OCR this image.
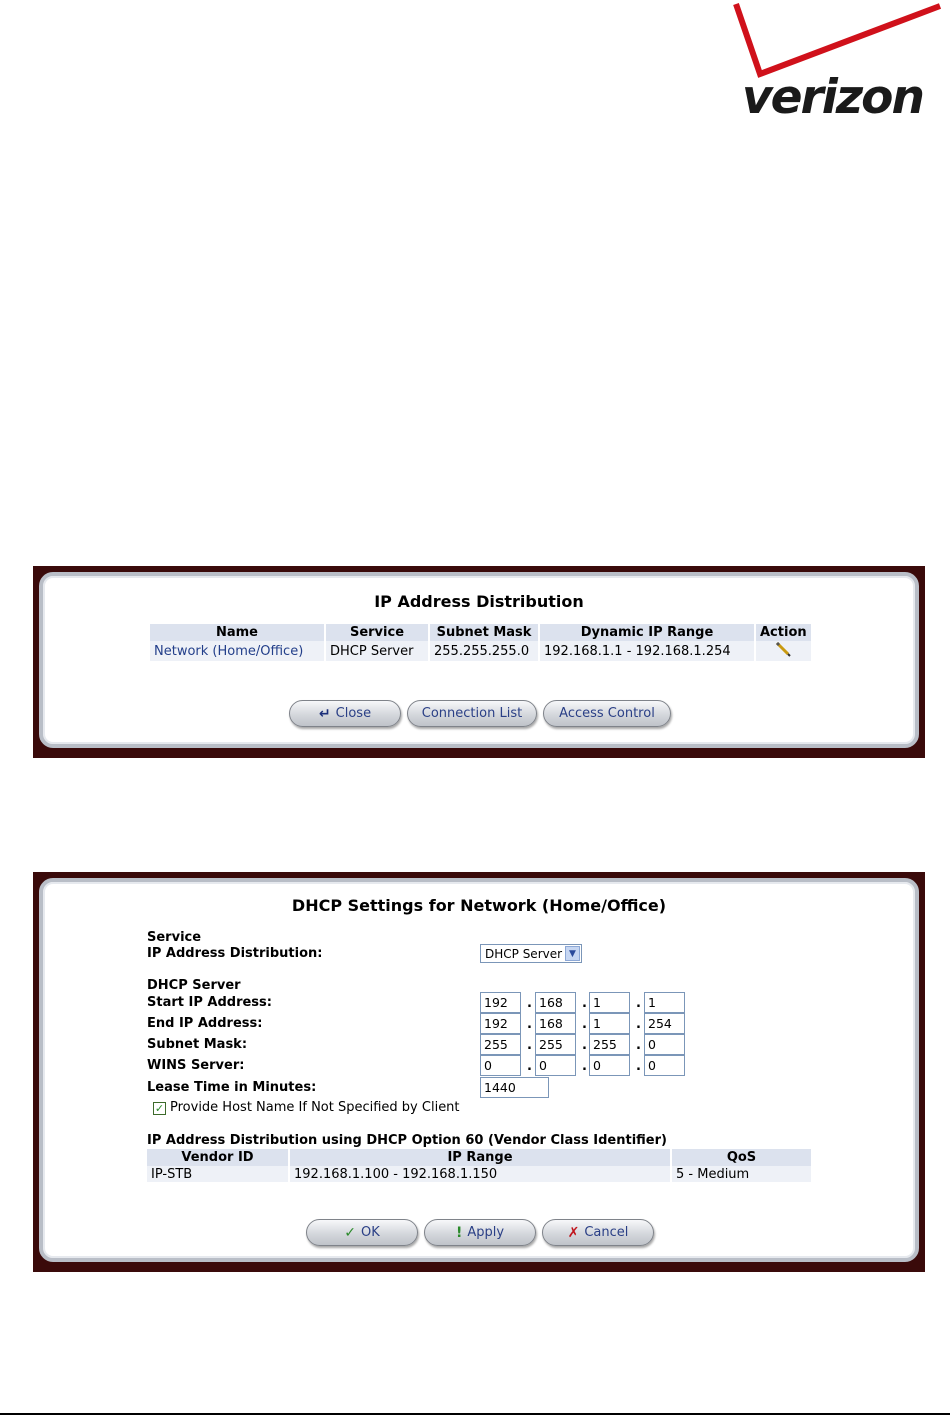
verizon
IP Address Distribution
Name	Service	Subnet Mask	Dynamic IP Range	Action
Network (Home/Office)	DHCP Server	255.255.255.0	192.168.1.1 - 192.168.1.254	
↵ Close	Connection List	Access Control
DHCP Settings for Network (Home/Office)
Service
IP Address Distribution:	DHCP Server ▼
DHCP Server
Start IP Address:
192	.
168	.
1	.
1
End IP Address:
192	.
168	.
1	.
254
Subnet Mask:
255	.
255	.
255	.
0
WINS Server:
0	.
0	.
0	.
0
Lease Time in Minutes:
1440
✓ Provide Host Name If Not Specified by Client
IP Address Distribution using DHCP Option 60 (Vendor Class Identifier)
Vendor ID	IP Range	QoS
IP-STB	192.168.1.100 - 192.168.1.150	5 - Medium
✓ OK	! Apply	✗ Cancel
